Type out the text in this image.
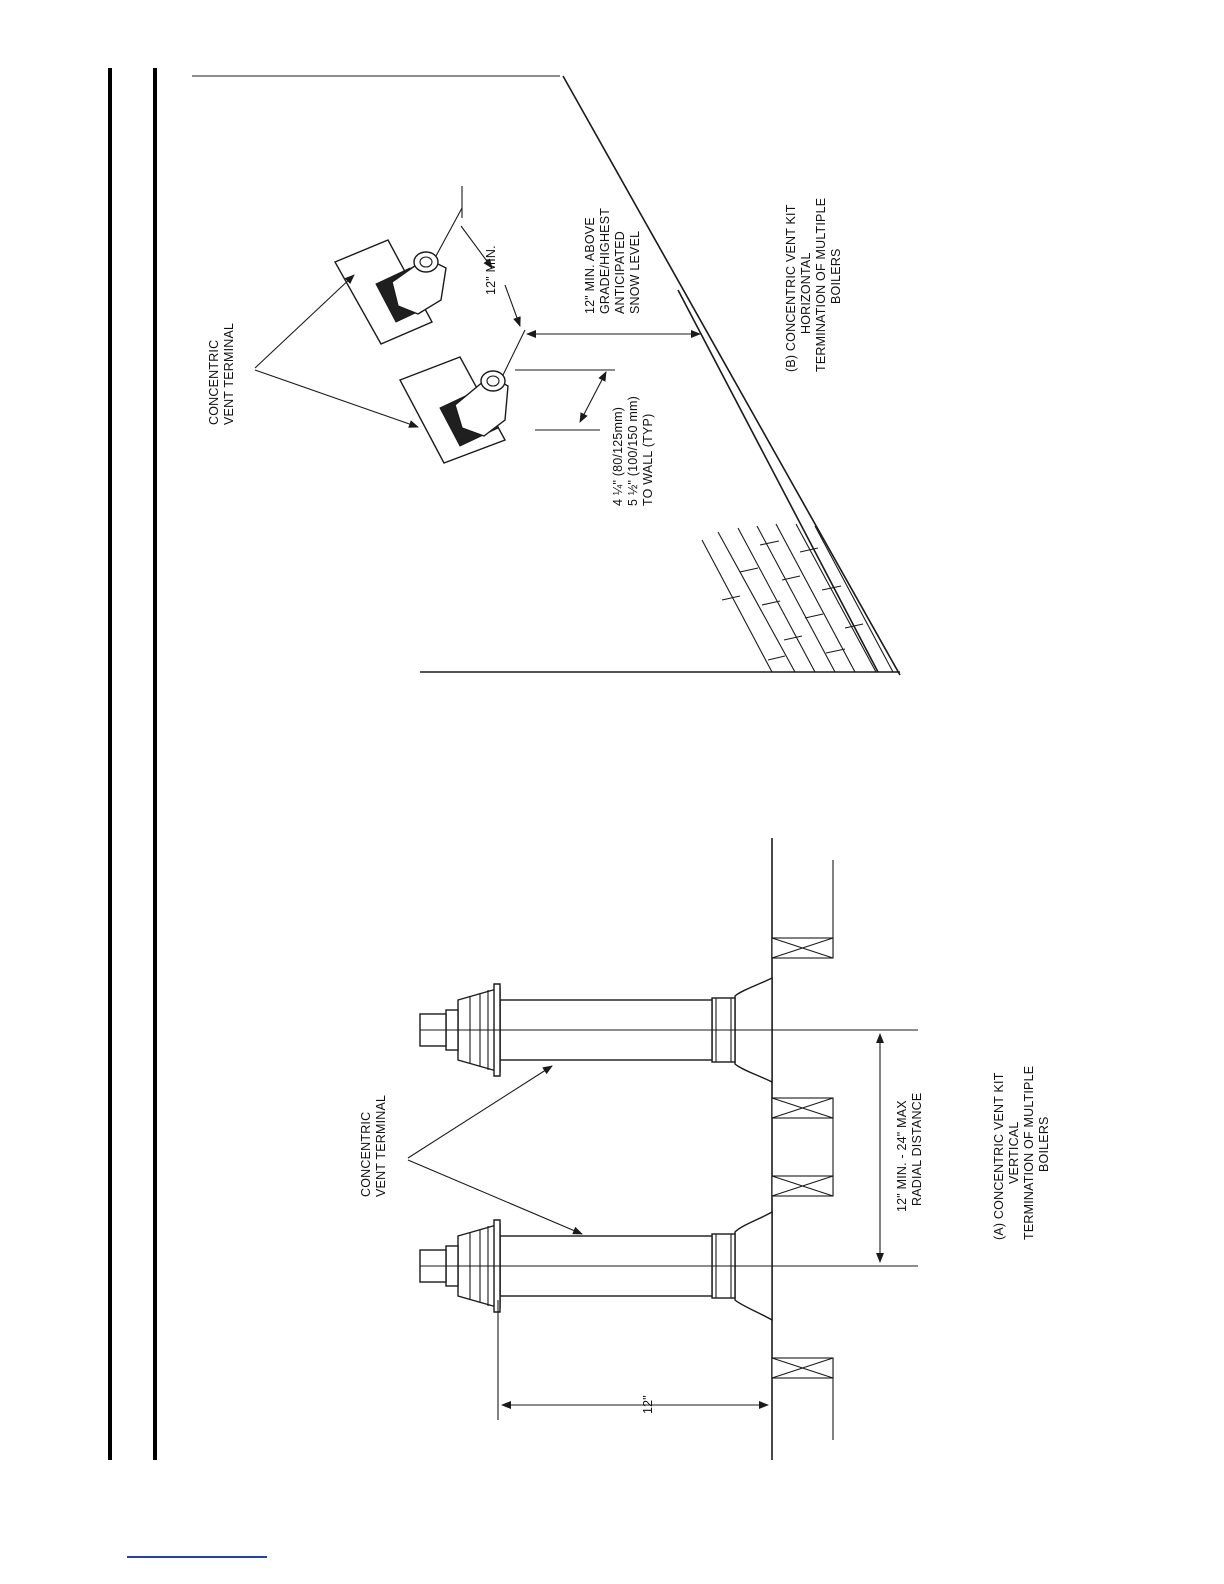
CONCENTRIC VENT TERMINAL
12" MIN.	12" MIN. ABOVE GRADE/HIGHEST ANTICIPATED SNOW LEVEL
4 ¼" (80/125mm) 5 ½" (100/150 mm) TO WALL (TYP)
(B) CONCENTRIC VENT KIT HORIZONTAL TERMINATION OF MULTIPLE BOILERS
CONCENTRIC VENT TERMINAL	12" MIN. - 24" MAX RADIAL DISTANCE
12"
(A) CONCENTRIC VENT KIT VERTICAL TERMINATION OF MULTIPLE BOILERS
